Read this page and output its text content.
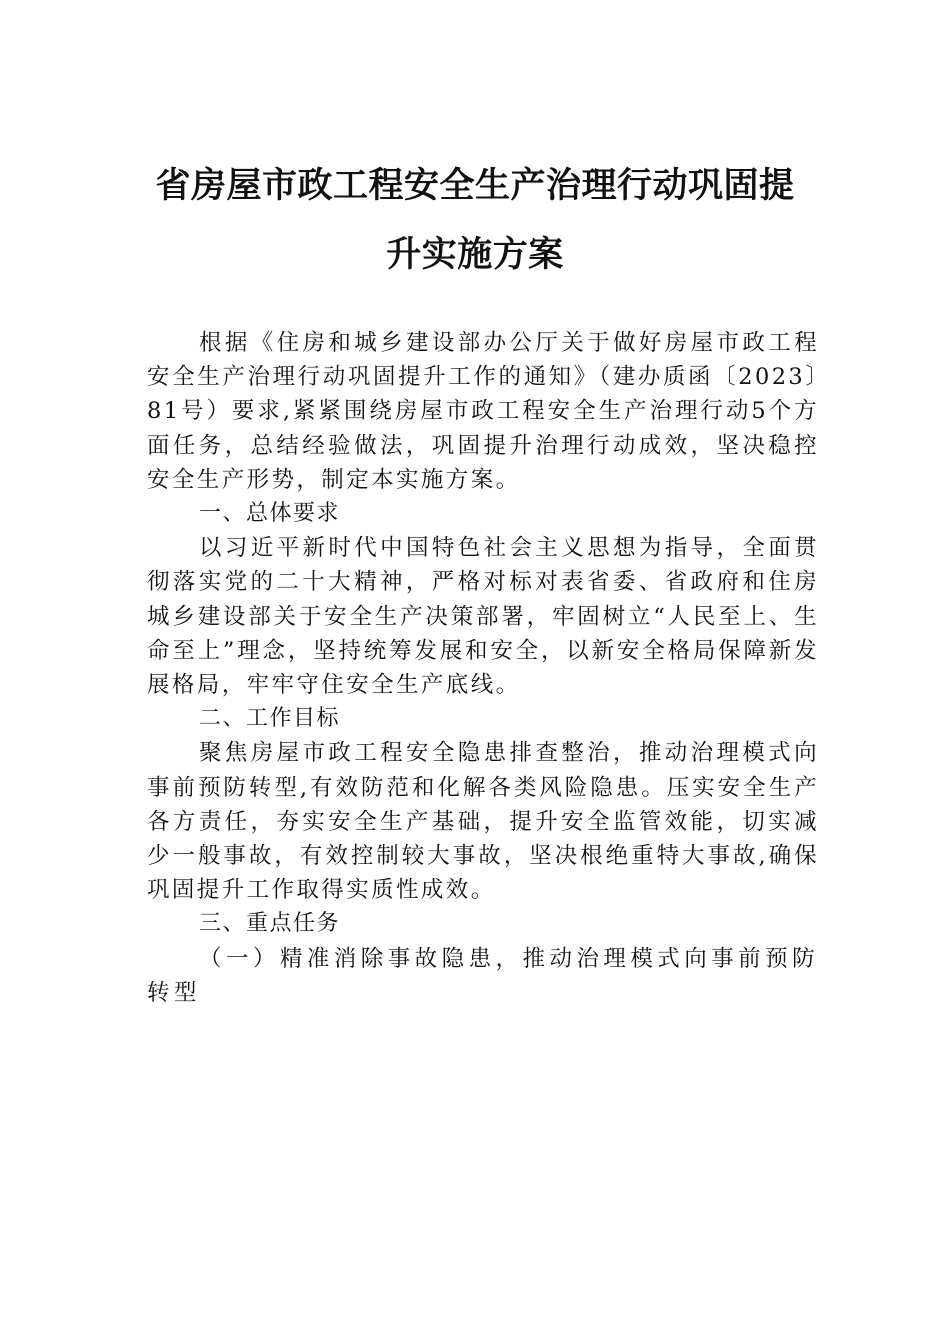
省房屋市政工程安全生产治理行动巩固提
升实施方案

根据《住房和城乡建设部办公厅关于做好房屋市政工程安全生产治理行动巩固提升工作的通知》（建办质函〔2023〕81号）要求,紧紧围绕房屋市政工程安全生产治理行动5个方面任务，总结经验做法，巩固提升治理行动成效，坚决稳控安全生产形势，制定本实施方案。

一、总体要求

以习近平新时代中国特色社会主义思想为指导，全面贯彻落实党的二十大精神，严格对标对表省委、省政府和住房城乡建设部关于安全生产决策部署，牢固树立“人民至上、生命至上”理念，坚持统筹发展和安全，以新安全格局保障新发展格局，牢牢守住安全生产底线。

二、工作目标

聚焦房屋市政工程安全隐患排查整治，推动治理模式向事前预防转型,有效防范和化解各类风险隐患。压实安全生产各方责任，夯实安全生产基础，提升安全监管效能，切实减少一般事故，有效控制较大事故，坚决根绝重特大事故,确保巩固提升工作取得实质性成效。

三、重点任务

（一）精准消除事故隐患，推动治理模式向事前预防转型
